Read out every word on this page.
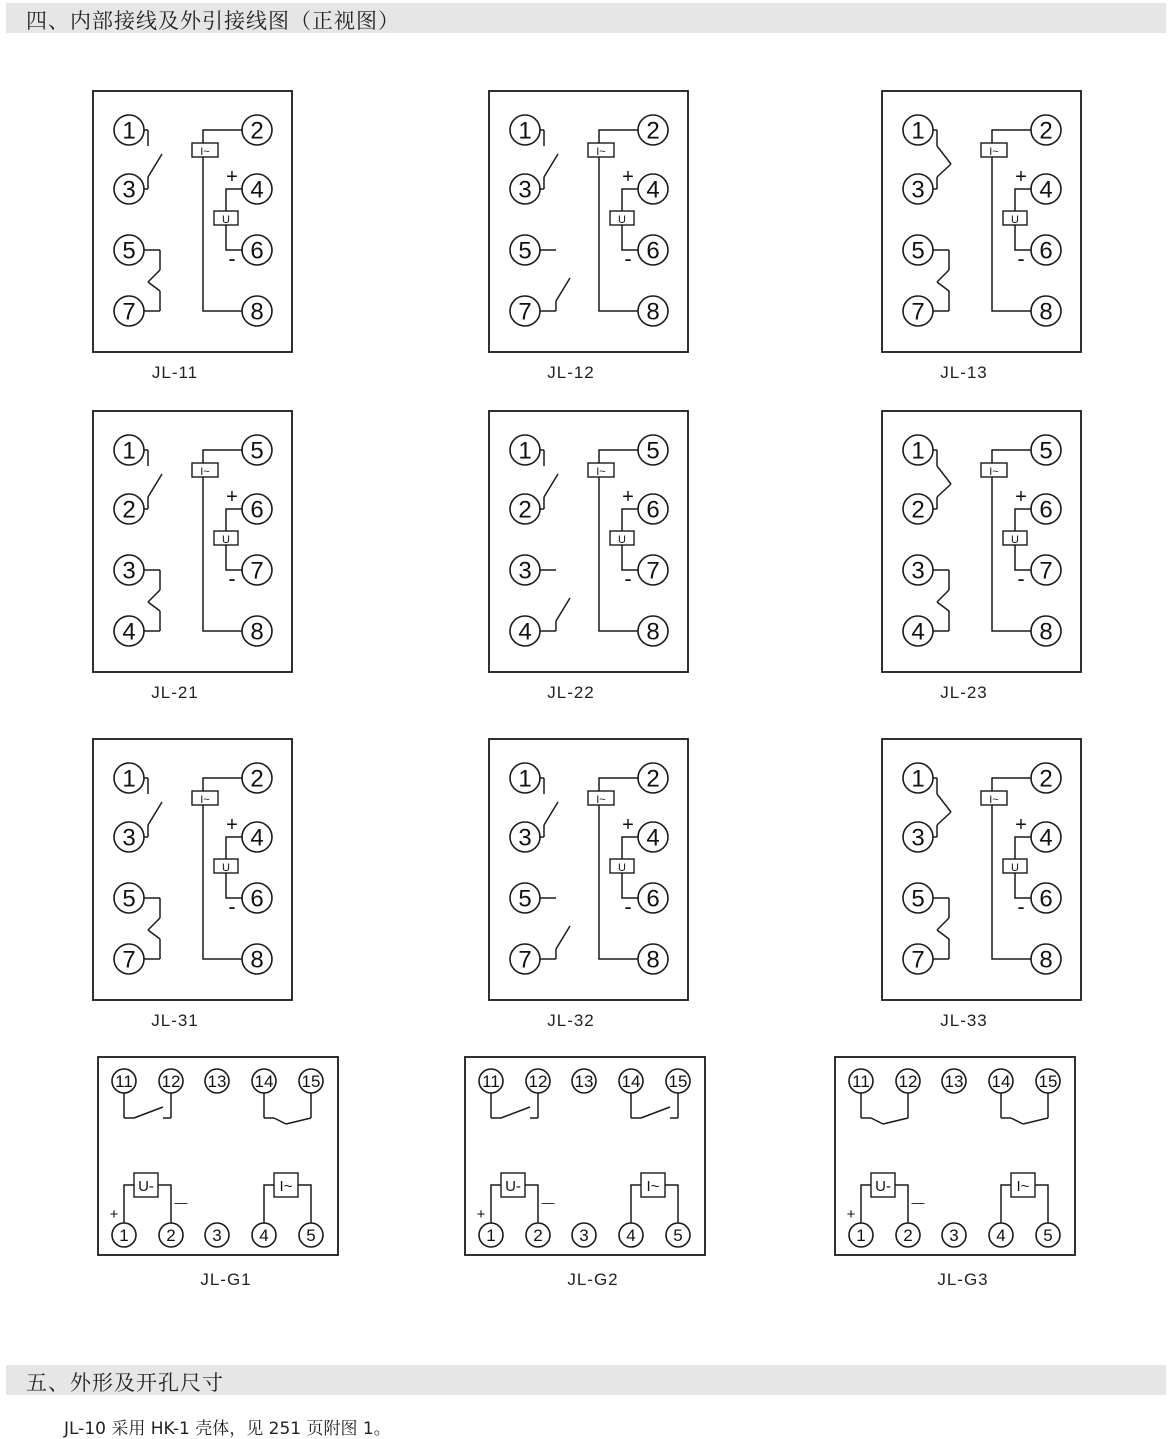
四、内部接线及外引接线图（正视图）
1	2
3	4
5	6
7	8
I~
U
+
-
JL-11
1	2
3	4
5	6
7	8
I~
U
+
-
JL-12
1	2
3	4
5	6
7	8
I~
U
+
-
JL-13
1	5
2	6
3	7
4	8
I~
U
+
-
JL-21
1	5
2	6
3	7
4	8
I~
U
+
-
JL-22
1	5
2	6
3	7
4	8
I~
U
+
-
JL-23
1	2
3	4
5	6
7	8
I~
U
+
-
JL-31
1	2
3	4
5	6
7	8
I~
U
+
-
JL-32
1	2
3	4
5	6
7	8
I~
U
+
-
JL-33
11 12 13 14 15
1 2 3 4 5
U-
+
—
I~
JL-G1
11 12 13 14 15
1 2 3 4 5
U-
+
—
I~
JL-G2
11 12 13 14 15
1 2 3 4 5
U-
+
—
I~
JL-G3
五、外形及开孔尺寸
JL-10 采用 HK-1 壳体，见 251 页附图 1。
